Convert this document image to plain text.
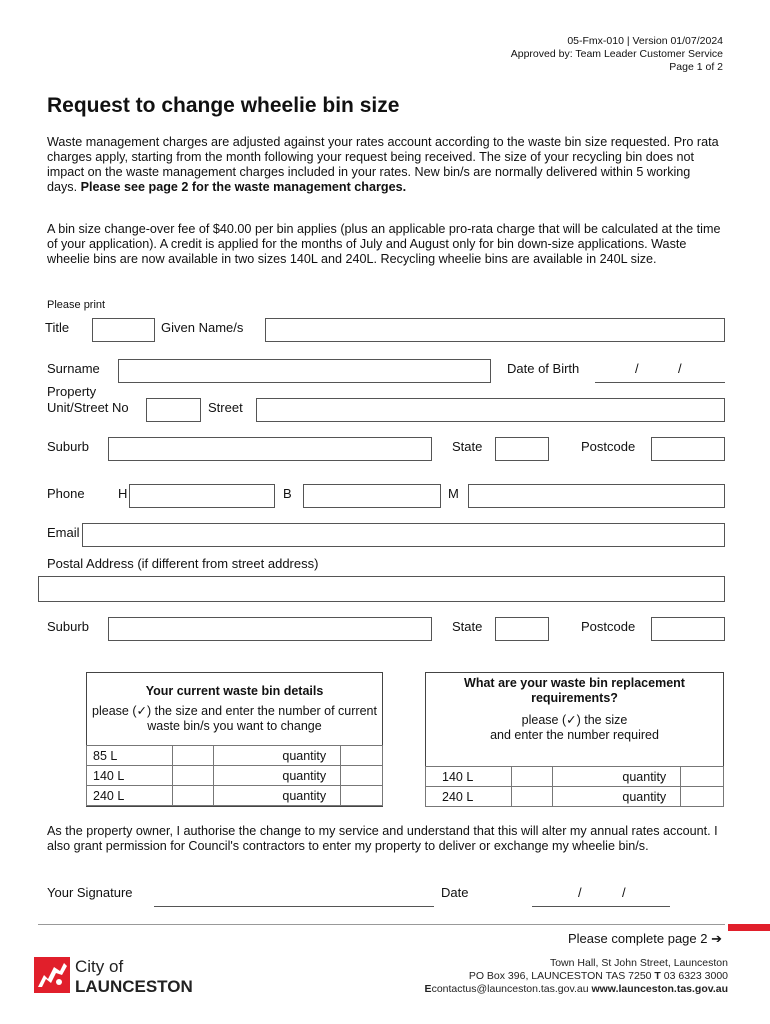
05-Fmx-010 | Version 01/07/2024
Approved by: Team Leader Customer Service
Page 1 of 2
Request to change wheelie bin size
Waste management charges are adjusted against your rates account according to the waste bin size requested. Pro rata charges apply, starting from the month following your request being received. The size of your recycling bin does not impact on the waste management charges included in your rates. New bin/s are normally delivered within 5 working days. Please see page 2 for the waste management charges.
A bin size change-over fee of $40.00 per bin applies (plus an applicable pro-rata charge that will be calculated at the time of your application). A credit is applied for the months of July and August only for bin down-size applications. Waste wheelie bins are now available in two sizes 140L and 240L. Recycling wheelie bins are available in 240L size.
Please print
Title	Given Name/s
Surname	Date of Birth	/	/
Property
Unit/Street No	Street
Suburb	State	Postcode
Phone	H	B	M
Email
Postal Address (if different from street address)
Suburb	State	Postcode
Your current waste bin details
please (✓) the size and enter the number of current waste bin/s you want to change
85 L		quantity	
140 L		quantity	
240 L		quantity	
What are your waste bin replacement requirements?
please (✓) the size
and enter the number required
140 L		quantity	
240 L		quantity	
As the property owner, I authorise the change to my service and understand that this will alter my annual rates account. I also grant permission for Council's contractors to enter my property to deliver or exchange my wheelie bin/s.
Your Signature	Date	/	/
Please complete page 2 ➔
City of
LAUNCESTON
Town Hall, St John Street, Launceston
PO Box 396, LAUNCESTON TAS 7250 T 03 6323 3000
Econtactus@launceston.tas.gov.au www.launceston.tas.gov.au
